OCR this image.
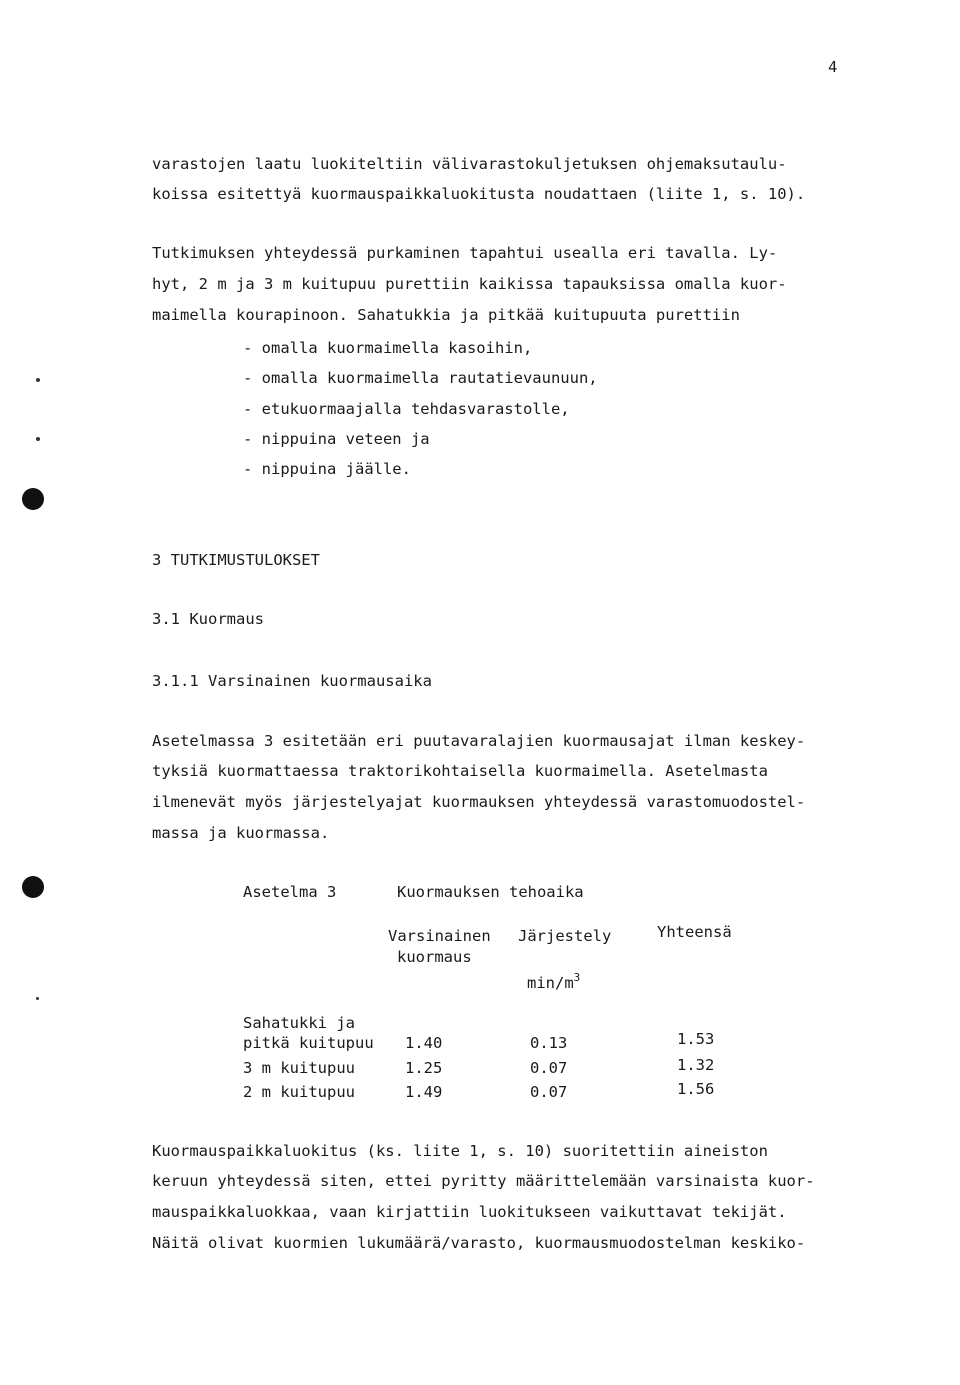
4
varastojen laatu luokiteltiin välivarastokuljetuksen ohjemaksutaulu-
koissa esitettyä kuormauspaikkaluokitusta noudattaen (liite 1, s. 10).
Tutkimuksen yhteydessä purkaminen tapahtui usealla eri tavalla. Ly-
hyt, 2 m ja 3 m kuitupuu purettiin kaikissa tapauksissa omalla kuor-
maimella kourapinoon. Sahatukkia ja pitkää kuitupuuta purettiin
- omalla kuormaimella kasoihin,
- omalla kuormaimella rautatievaunuun,
- etukuormaajalla tehdasvarastolle,
- nippuina veteen ja
- nippuina jäälle.
3 TUTKIMUSTULOKSET
3.1 Kuormaus
3.1.1 Varsinainen kuormausaika
Asetelmassa 3 esitetään eri puutavaralajien kuormausajat ilman keskey-
tyksiä kuormattaessa traktorikohtaisella kuormaimella. Asetelmasta
ilmenevät myös järjestelyajat kuormauksen yhteydessä varastomuodostel-
massa ja kuormassa.
Asetelma 3	Kuormauksen tehoaika
Varsinainen
kuormaus
Järjestely	Yhteensä
$\min/m^3$
Sahatukki ja
pitkä kuitupuu 1.40	0.13	1.53
3 m kuitupuu	1.25	0.07	1.32
2 m kuitupuu	1.49	0.07	1.56
Kuormauspaikkaluokitus (ks. liite 1, s. 10) suoritettiin aineiston
keruun yhteydessä siten, ettei pyritty määrittelemään varsinaista kuor-
mauspaikkaluokkaa, vaan kirjattiin luokitukseen vaikuttavat tekijät.
Näitä olivat kuormien lukumäärä/varasto, kuormausmuodostelman keskiko-
